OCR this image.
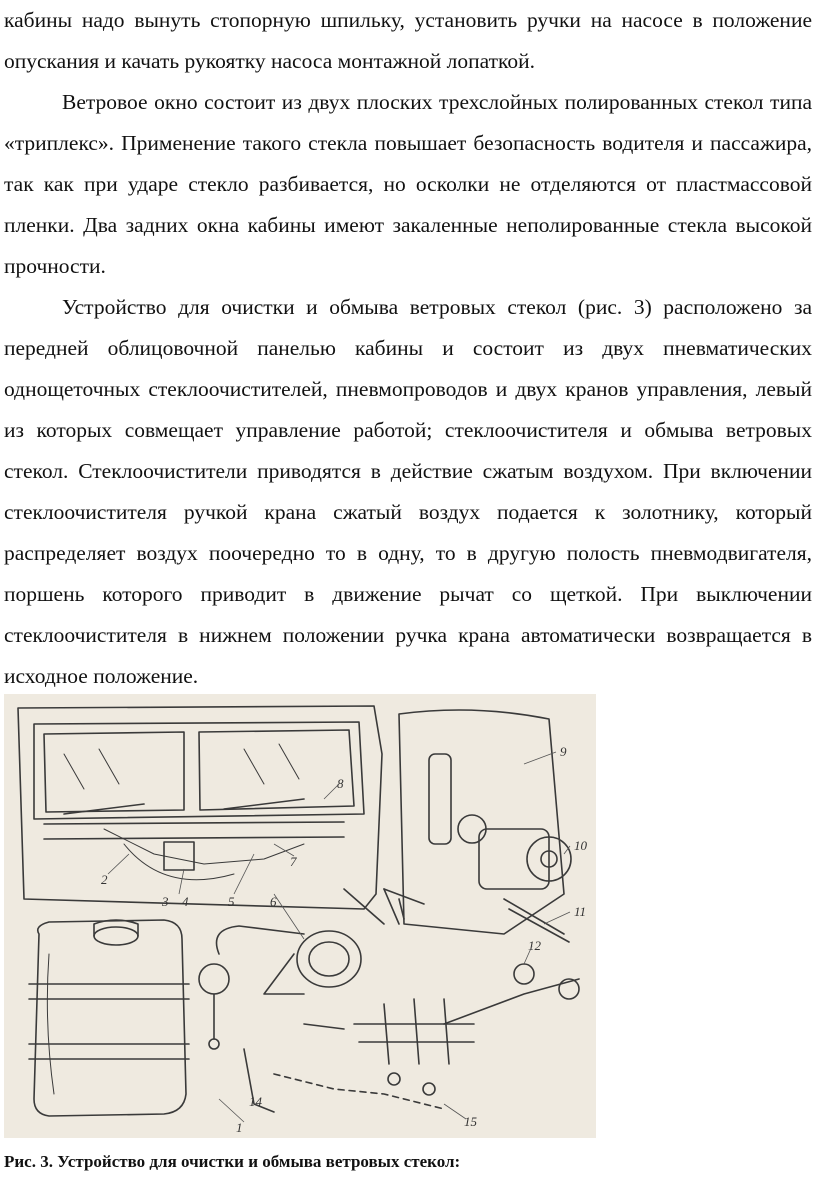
кабины надо вынуть стопорную шпильку, установить ручки на насосе в положение опускания и качать рукоятку насоса монтажной лопаткой.

Ветровое окно состоит из двух плоских трехслойных полированных стекол типа «триплекс». Применение такого стекла повышает безопасность водителя и пассажира, так как при ударе стекло разбивается, но осколки не отделяются от пластмассовой пленки. Два задних окна кабины имеют закаленные неполированные стекла высокой прочности.

Устройство для очистки и обмыва ветровых стекол (рис. 3) расположено за передней облицовочной панелью кабины и состоит из двух пневматических однощеточных стеклоочистителей, пневмопроводов и двух кранов управления, левый из которых совмещает управление работой; стеклоочистителя и обмыва ветровых стекол. Стеклоочистители приводятся в действие сжатым воздухом. При включении стеклоочистителя ручкой крана сжатый воздух подается к золотнику, который распределяет воздух поочередно то в одну, то в другую полость пневмодвигателя, поршень которого приводит в движение рычат со щеткой. При выключении стеклоочистителя в нижнем положении ручка крана автоматически возвращается в исходное положение.

1
2
3 4	5	6
7
8
9
10
11
12
14
15
Рис. 3. Устройство для очистки и обмыва ветровых стекол:
